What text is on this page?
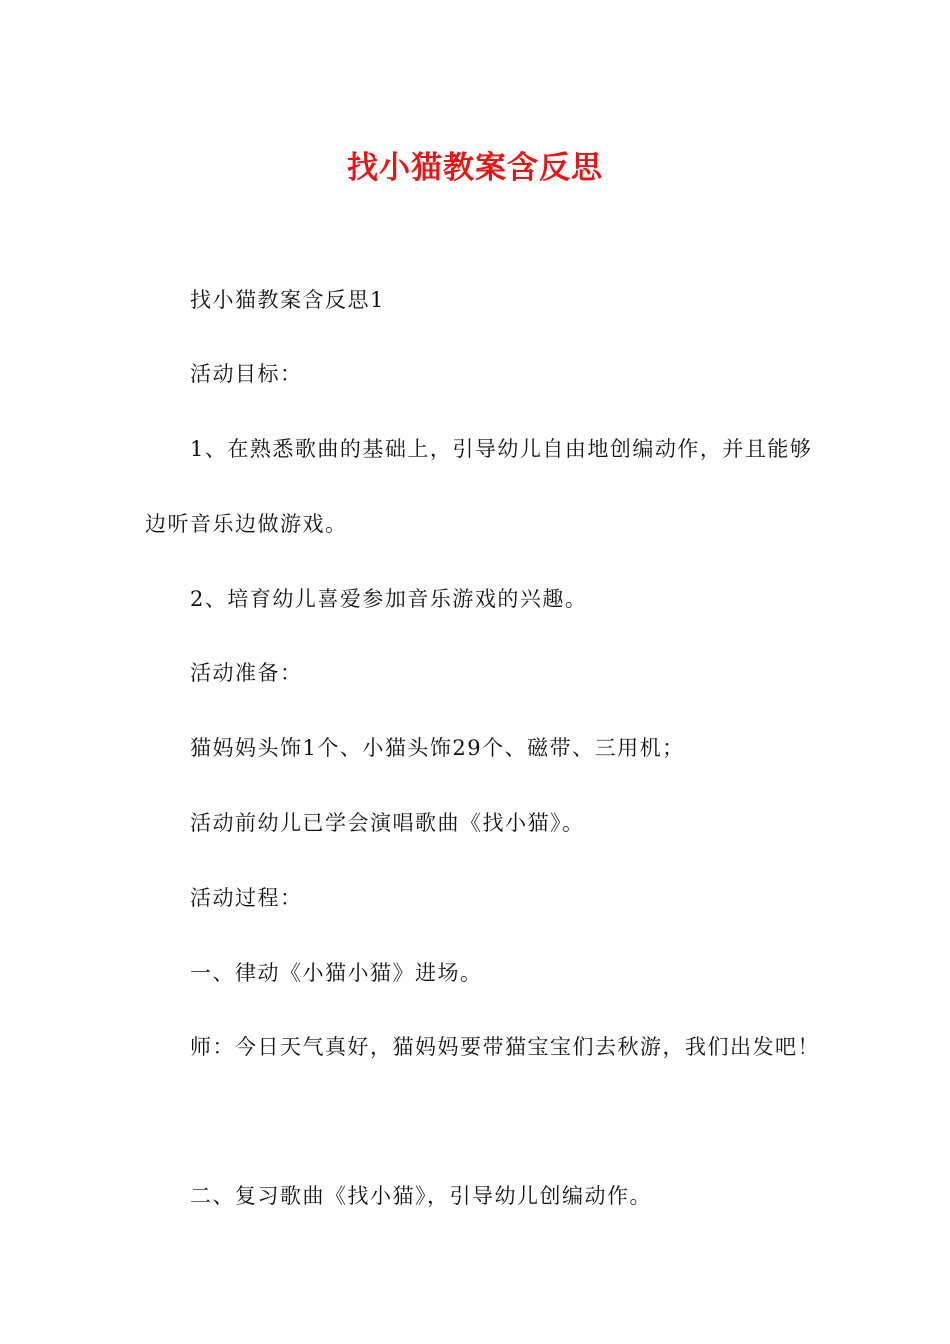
找小猫教案含反思
找小猫教案含反思1
活动目标：
1、在熟悉歌曲的基础上，引导幼儿自由地创编动作，并且能够
边听音乐边做游戏。
2、培育幼儿喜爱参加音乐游戏的兴趣。
活动准备：
猫妈妈头饰1个、小猫头饰29个、磁带、三用机；
活动前幼儿已学会演唱歌曲《找小猫》。
活动过程：
一、律动《小猫小猫》进场。
师：今日天气真好，猫妈妈要带猫宝宝们去秋游，我们出发吧！
二、复习歌曲《找小猫》，引导幼儿创编动作。
